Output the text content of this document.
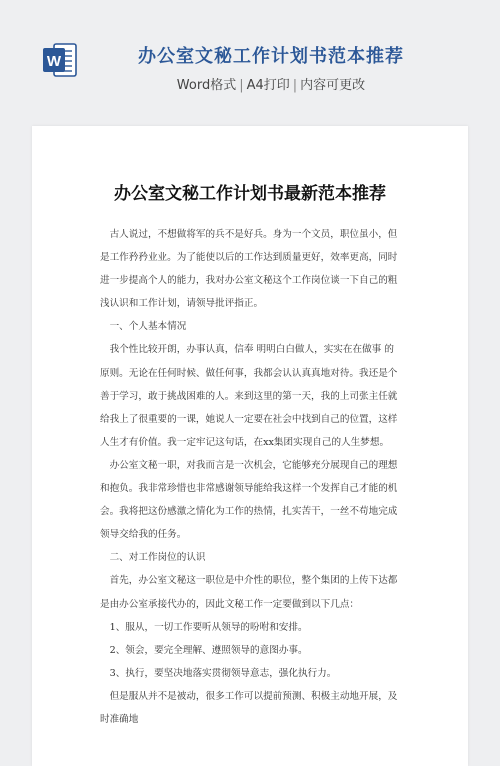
W	办公室文秘工作计划书范本推荐
Word格式 | A4打印 | 内容可更改
办公室文秘工作计划书最新范本推荐

古人说过，不想做将军的兵不是好兵。身为一个文员，职位虽小，但是工作矜矜业业。为了能使以后的工作达到质量更好，效率更高，同时进一步提高个人的能力，我对办公室文秘这个工作岗位谈一下自己的粗浅认识和工作计划，请领导批评指正。

一、个人基本情况

我个性比较开朗，办事认真，信奉 明明白白做人，实实在在做事 的原则。无论在任何时候、做任何事，我都会认认真真地对待。我还是个善于学习，敢于挑战困难的人。来到这里的第一天，我的上司张主任就给我上了很重要的一课，她说人一定要在社会中找到自己的位置，这样人生才有价值。我一定牢记这句话，在xx集团实现自己的人生梦想。

办公室文秘一职，对我而言是一次机会，它能够充分展现自己的理想和抱负。我非常珍惜也非常感谢领导能给我这样一个发挥自己才能的机会。我将把这份感激之情化为工作的热情，扎实苦干，一丝不苟地完成领导交给我的任务。

二、对工作岗位的认识

首先，办公室文秘这一职位是中介性的职位，整个集团的上传下达都是由办公室承接代办的，因此文秘工作一定要做到以下几点：

1、服从，一切工作要听从领导的吩咐和安排。

2、领会，要完全理解、遵照领导的意图办事。

3、执行，要坚决地落实贯彻领导意志，强化执行力。

但是服从并不是被动，很多工作可以提前预测、积极主动地开展，及时准确地
